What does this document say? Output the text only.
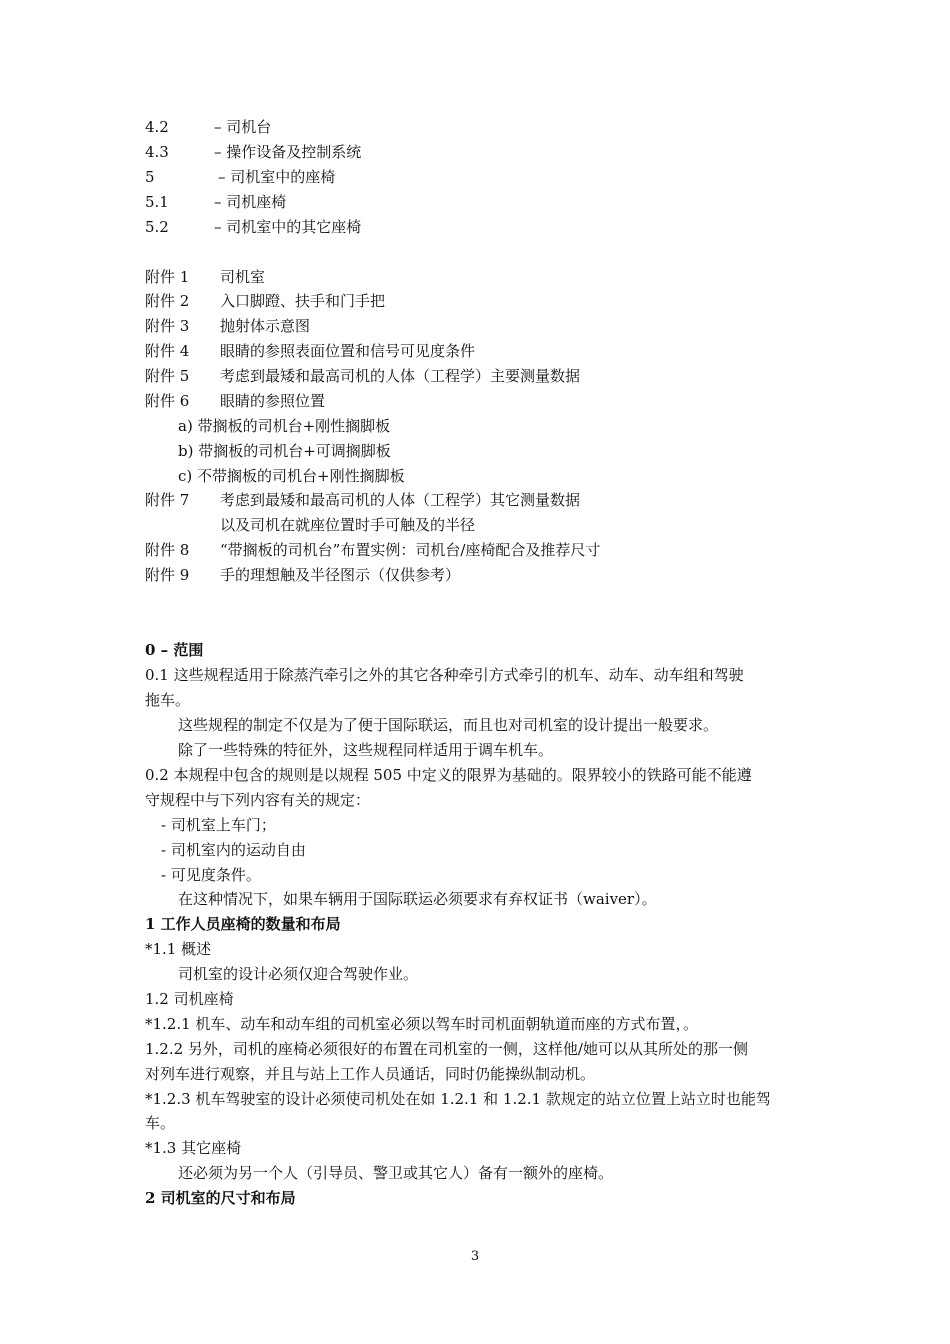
4.2	– 司机台
4.3	– 操作设备及控制系统
5	– 司机室中的座椅
5.1	– 司机座椅
5.2	– 司机室中的其它座椅
附件 1 司机室
附件 2 入口脚蹬、扶手和门手把
附件 3 抛射体示意图
附件 4 眼睛的参照表面位置和信号可见度条件
附件 5 考虑到最矮和最高司机的人体（工程学）主要测量数据
附件 6 眼睛的参照位置
a) 带搁板的司机台+刚性搁脚板
b) 带搁板的司机台+可调搁脚板
c) 不带搁板的司机台+刚性搁脚板
附件 7 考虑到最矮和最高司机的人体（工程学）其它测量数据
以及司机在就座位置时手可触及的半径
附件 8 “带搁板的司机台”布置实例：司机台/座椅配合及推荐尺寸
附件 9 手的理想触及半径图示（仅供参考）
0 – 范围
0.1 这些规程适用于除蒸汽牵引之外的其它各种牵引方式牵引的机车、动车、动车组和驾驶
拖车。
这些规程的制定不仅是为了便于国际联运，而且也对司机室的设计提出一般要求。
除了一些特殊的特征外，这些规程同样适用于调车机车。
0.2 本规程中包含的规则是以规程 505 中定义的限界为基础的。限界较小的铁路可能不能遵
守规程中与下列内容有关的规定：
- 司机室上车门；
- 司机室内的运动自由
- 可见度条件。
在这种情况下，如果车辆用于国际联运必须要求有弃权证书（waiver）。
1 工作人员座椅的数量和布局
*1.1 概述
司机室的设计必须仅迎合驾驶作业。
1.2 司机座椅
*1.2.1 机车、动车和动车组的司机室必须以驾车时司机面朝轨道而座的方式布置，。
1.2.2 另外，司机的座椅必须很好的布置在司机室的一侧，这样他/她可以从其所处的那一侧
对列车进行观察，并且与站上工作人员通话，同时仍能操纵制动机。
*1.2.3 机车驾驶室的设计必须使司机处在如 1.2.1 和 1.2.1 款规定的站立位置上站立时也能驾
车。
*1.3 其它座椅
还必须为另一个人（引导员、警卫或其它人）备有一额外的座椅。
2 司机室的尺寸和布局
3
